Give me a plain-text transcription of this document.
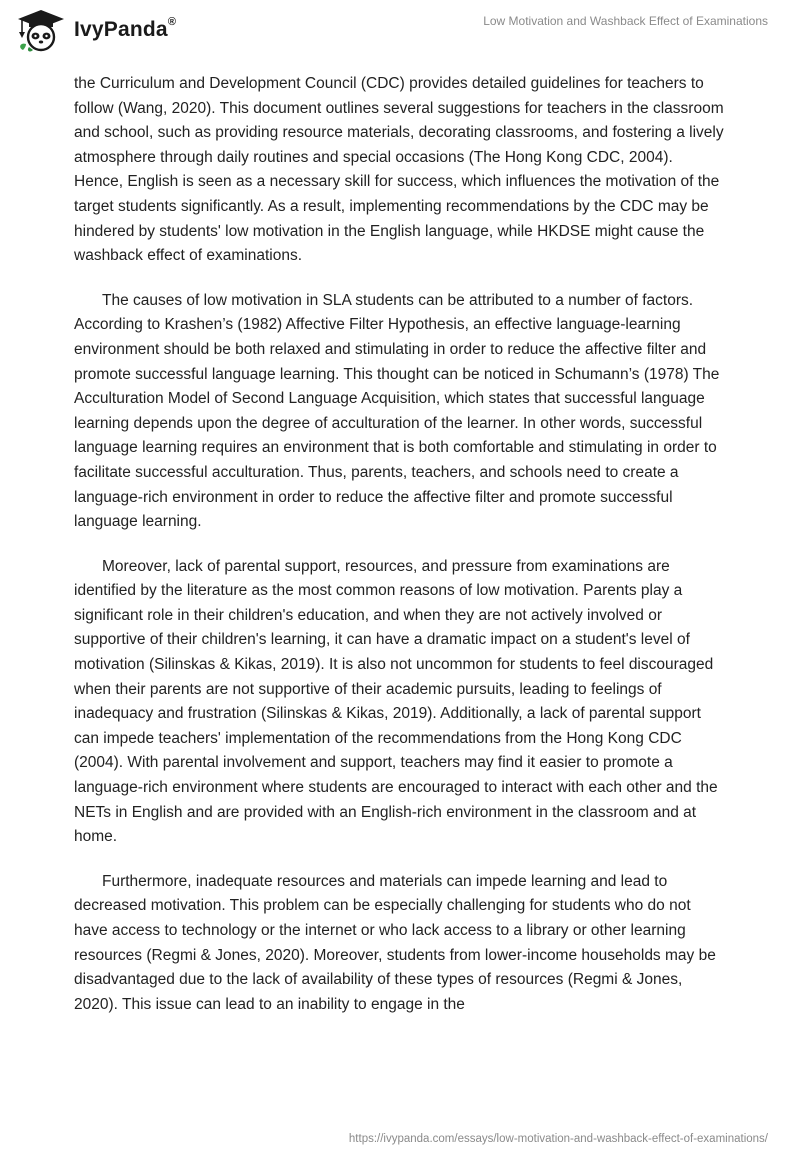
IvyPanda®	Low Motivation and Washback Effect of Examinations

the Curriculum and Development Council (CDC) provides detailed guidelines for teachers to follow (Wang, 2020). This document outlines several suggestions for teachers in the classroom and school, such as providing resource materials, decorating classrooms, and fostering a lively atmosphere through daily routines and special occasions (The Hong Kong CDC, 2004). Hence, English is seen as a necessary skill for success, which influences the motivation of the target students significantly. As a result, implementing recommendations by the CDC may be hindered by students' low motivation in the English language, while HKDSE might cause the washback effect of examinations.

The causes of low motivation in SLA students can be attributed to a number of factors. According to Krashen’s (1982) Affective Filter Hypothesis, an effective language-learning environment should be both relaxed and stimulating in order to reduce the affective filter and promote successful language learning. This thought can be noticed in Schumann’s (1978) The Acculturation Model of Second Language Acquisition, which states that successful language learning depends upon the degree of acculturation of the learner. In other words, successful language learning requires an environment that is both comfortable and stimulating in order to facilitate successful acculturation. Thus, parents, teachers, and schools need to create a language-rich environment in order to reduce the affective filter and promote successful language learning.

Moreover, lack of parental support, resources, and pressure from examinations are identified by the literature as the most common reasons of low motivation. Parents play a significant role in their children's education, and when they are not actively involved or supportive of their children's learning, it can have a dramatic impact on a student's level of motivation (Silinskas & Kikas, 2019). It is also not uncommon for students to feel discouraged when their parents are not supportive of their academic pursuits, leading to feelings of inadequacy and frustration (Silinskas & Kikas, 2019). Additionally, a lack of parental support can impede teachers' implementation of the recommendations from the Hong Kong CDC (2004). With parental involvement and support, teachers may find it easier to promote a language-rich environment where students are encouraged to interact with each other and the NETs in English and are provided with an English-rich environment in the classroom and at home.

Furthermore, inadequate resources and materials can impede learning and lead to decreased motivation. This problem can be especially challenging for students who do not have access to technology or the internet or who lack access to a library or other learning resources (Regmi & Jones, 2020). Moreover, students from lower-income households may be disadvantaged due to the lack of availability of these types of resources (Regmi & Jones, 2020). This issue can lead to an inability to engage in the

https://ivypanda.com/essays/low-motivation-and-washback-effect-of-examinations/
